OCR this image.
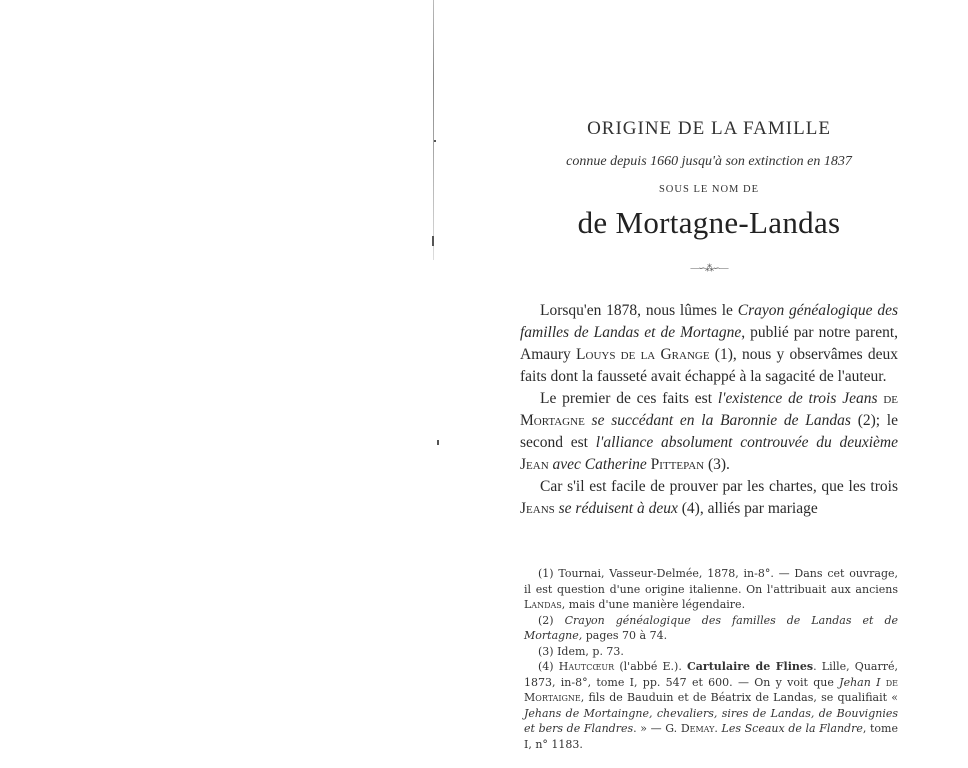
ORIGINE DE LA FAMILLE

connue depuis 1660 jusqu'à son extinction en 1837

SOUS LE NOM DE

de Mortagne-Landas
—∽⁂∽—

Lorsqu'en 1878, nous lûmes le Crayon généalogique des familles de Landas et de Mortagne, publié par notre parent, Amaury Louys de la Grange (1), nous y observâmes deux faits dont la fausseté avait échappé à la sagacité de l'auteur.

Le premier de ces faits est l'existence de trois Jeans de Mortagne se succédant en la Baronnie de Landas (2); le second est l'alliance absolument controuvée du deuxième Jean avec Catherine Pittepan (3).

Car s'il est facile de prouver par les chartes, que les trois Jeans se réduisent à deux (4), alliés par mariage

(1) Tournai, Vasseur-Delmée, 1878, in-8°. — Dans cet ouvrage, il est question d'une origine italienne. On l'attribuait aux anciens Landas, mais d'une manière légendaire.

(2) Crayon généalogique des familles de Landas et de Mortagne, pages 70 à 74.

(3) Idem, p. 73.

(4) Hautcœur (l'abbé E.). Cartulaire de Flines. Lille, Quarré, 1873, in-8°, tome I, pp. 547 et 600. — On y voit que Jehan I de Mortaigne, fils de Bauduin et de Béatrix de Landas, se qualifiait « Jehans de Mortaingne, chevaliers, sires de Landas, de Bouvignies et bers de Flandres. » — G. Demay. Les Sceaux de la Flandre, tome I, n° 1183.
